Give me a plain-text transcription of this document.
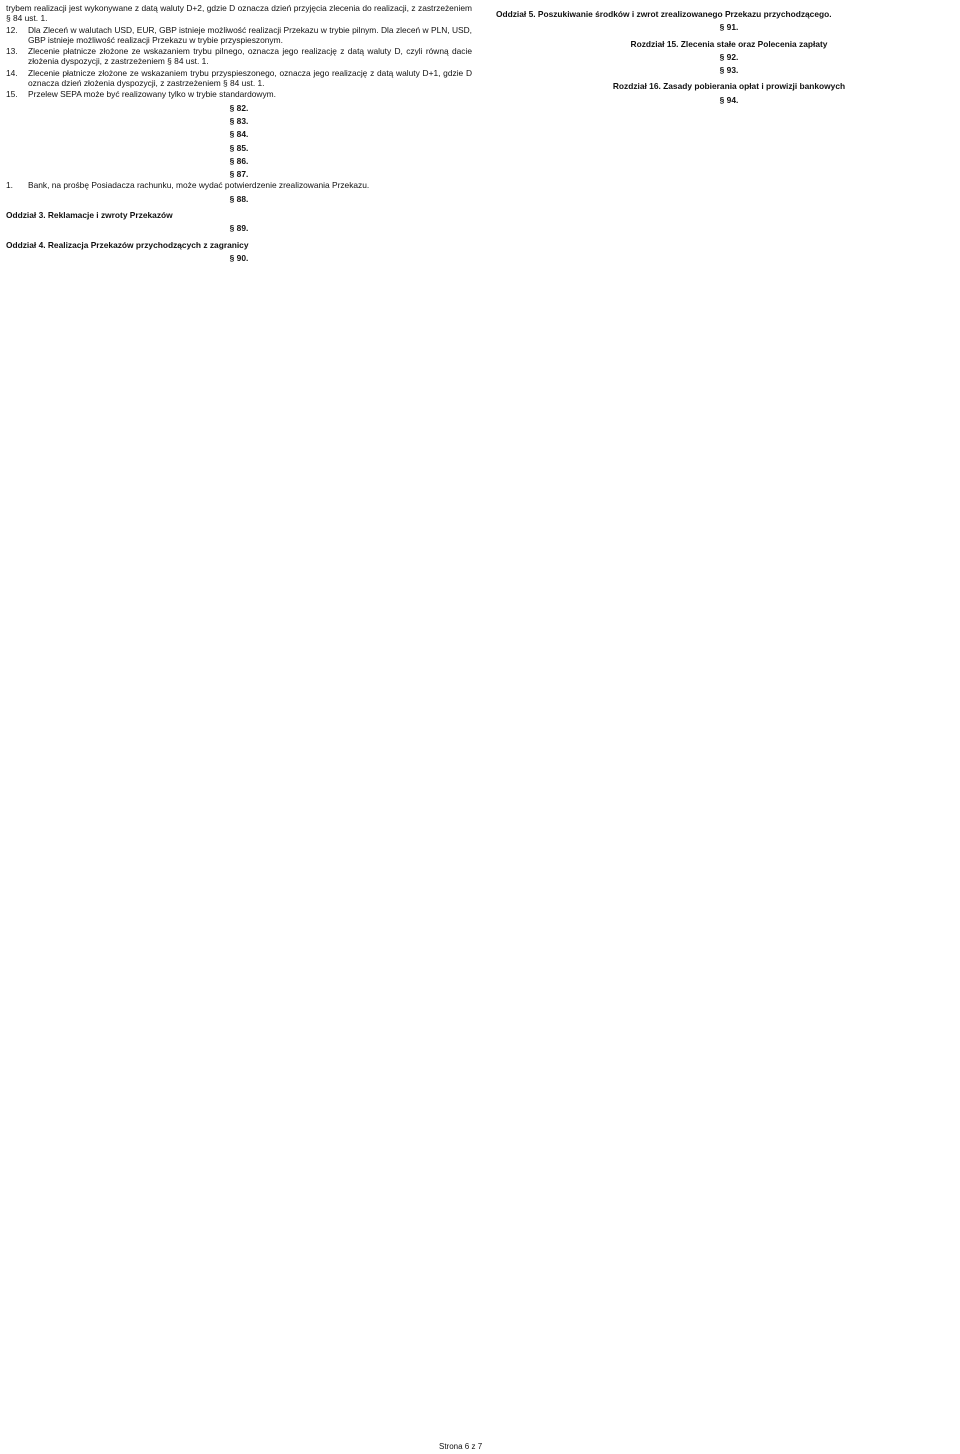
trybem realizacji jest wykonywane z datą waluty D+2, gdzie D oznacza dzień przyjęcia zlecenia do realizacji, z zastrzeżeniem § 84 ust. 1.
12.	Dla Zleceń w walutach USD, EUR, GBP istnieje możliwość realizacji Przekazu w trybie pilnym. Dla zleceń w PLN, USD, GBP istnieje możliwość realizacji Przekazu w trybie przyspieszonym.
13.	Zlecenie płatnicze złożone ze wskazaniem trybu pilnego, oznacza jego realizację z datą waluty D, czyli równą dacie złożenia dyspozycji, z zastrzeżeniem § 84 ust. 1.
14.	Zlecenie płatnicze złożone ze wskazaniem trybu przyspieszonego, oznacza jego realizację z datą waluty D+1, gdzie D oznacza dzień złożenia dyspozycji, z zastrzeżeniem § 84 ust. 1.
15.	Przelew SEPA może być realizowany tylko w trybie standardowym.
§ 82.
§ 83.
§ 84.
§ 85.
§ 86.
§ 87.
1.	Bank, na prośbę Posiadacza rachunku, może wydać potwierdzenie zrealizowania Przekazu.
§ 88.
Oddział 3. Reklamacje i zwroty Przekazów
§ 89.
Oddział 4. Realizacja Przekazów przychodzących z zagranicy
§ 90.
Oddział 5. Poszukiwanie środków i zwrot zrealizowanego Przekazu przychodzącego.
§ 91.
Rozdział 15. Zlecenia stałe oraz Polecenia zapłaty
§ 92.
§ 93.
Rozdział 16. Zasady pobierania opłat i prowizji bankowych
§ 94.
Strona 6 z 7
